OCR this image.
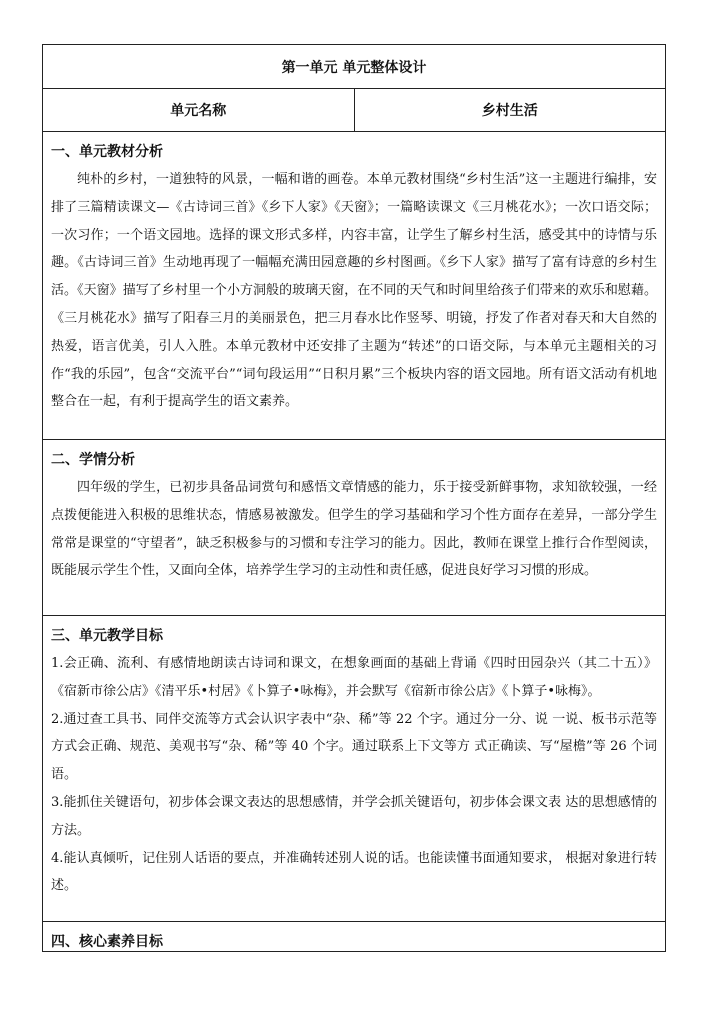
第一单元 单元整体设计
单元名称	乡村生活
一、单元教材分析

纯朴的乡村，一道独特的风景，一幅和谐的画卷。本单元教材围绕“乡村生活”这一主题进行编排，安排了三篇精读课文—《古诗词三首》《乡下人家》《天窗》；一篇略读课文《三月桃花水》；一次口语交际；一次习作；一个语文园地。选择的课文形式多样，内容丰富，让学生了解乡村生活，感受其中的诗情与乐趣。《古诗词三首》生动地再现了一幅幅充满田园意趣的乡村图画。《乡下人家》描写了富有诗意的乡村生活。《天窗》描写了乡村里一个小方洞般的玻璃天窗，在不同的天气和时间里给孩子们带来的欢乐和慰藉。《三月桃花水》描写了阳春三月的美丽景色，把三月春水比作竖琴、明镜，抒发了作者对春天和大自然的热爱，语言优美，引人入胜。本单元教材中还安排了主题为“转述”的口语交际，与本单元主题相关的习作“我的乐园”，包含“交流平台”“词句段运用”“日积月累”三个板块内容的语文园地。所有语文活动有机地整合在一起，有利于提高学生的语文素养。

二、学情分析

四年级的学生，已初步具备品词赏句和感悟文章情感的能力，乐于接受新鲜事物，求知欲较强，一经点拨便能进入积极的思维状态，情感易被激发。但学生的学习基础和学习个性方面存在差异，一部分学生常常是课堂的“守望者”，缺乏积极参与的习惯和专注学习的能力。因此，教师在课堂上推行合作型阅读，既能展示学生个性，又面向全体，培养学生学习的主动性和责任感，促进良好学习习惯的形成。

三、单元教学目标

1.会正确、流利、有感情地朗读古诗词和课文，在想象画面的基础上背诵《四时田园杂兴（其二十五）》《宿新市徐公店》《清平乐•村居》《卜算子•咏梅》，并会默写《宿新市徐公店》《卜算子•咏梅》。

2.通过查工具书、同伴交流等方式会认识字表中“杂、稀”等 22 个字。通过分一分、说 一说、板书示范等方式会正确、规范、美观书写“杂、稀”等 40 个字。通过联系上下文等方 式正确读、写“屋檐”等 26 个词语。

3.能抓住关键语句，初步体会课文表达的思想感情，并学会抓关键语句，初步体会课文表 达的思想感情的方法。

4.能认真倾听，记住别人话语的要点，并准确转述别人说的话。也能读懂书面通知要求， 根据对象进行转述。

四、核心素养目标
